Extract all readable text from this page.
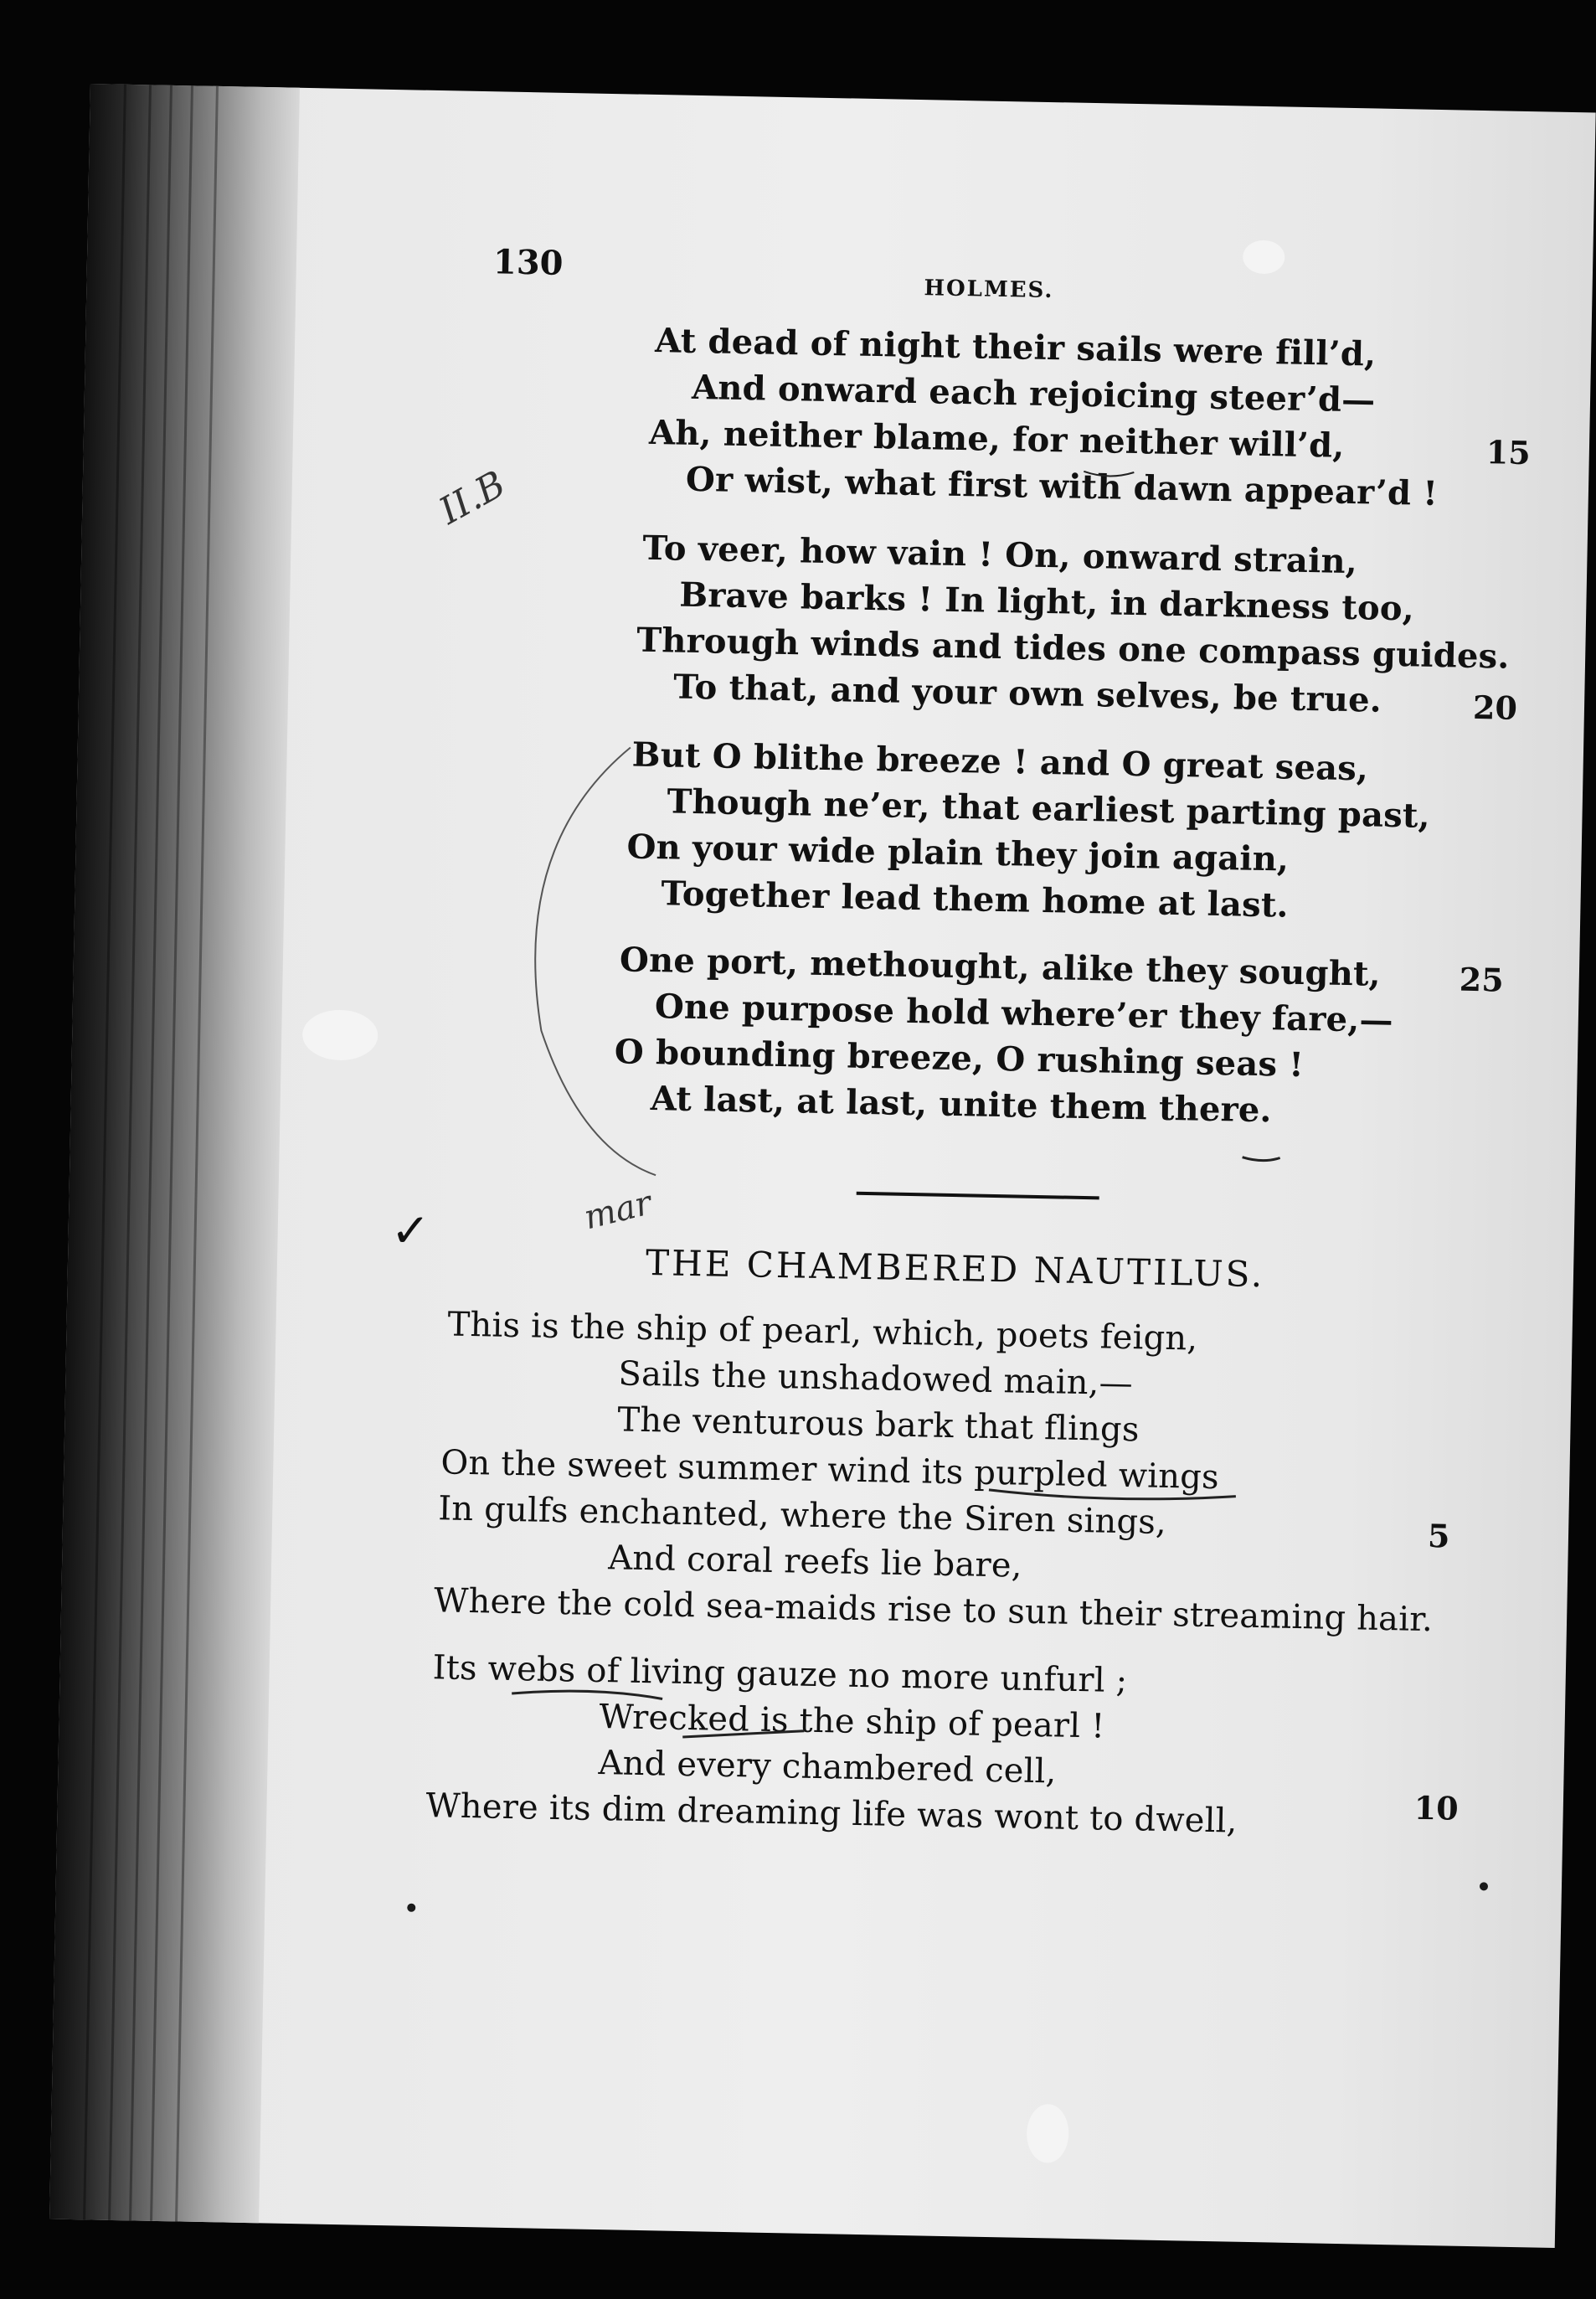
130
HOLMES.
At dead of night their sails were fill’d,
And onward each rejoicing steer’d—
Ah, neither blame, for neither will’d,
Or wist, what first with dawn appear’d !
15
To veer, how vain ! On, onward strain,
Brave barks ! In light, in darkness too,
Through winds and tides one compass guides.
To that, and your own selves, be true.	20
But O blithe breeze ! and O great seas,
Though ne’er, that earliest parting past,
On your wide plain they join again,
Together lead them home at last.
One port, methought, alike they sought,
One purpose hold where’er they fare,—
O bounding breeze, O rushing seas !
At last, at last, unite them there.
25
THE CHAMBERED NAUTILUS.
This is the ship of pearl, which, poets feign,
Sails the unshadowed main,—
The venturous bark that flings
On the sweet summer wind its purpled wings
In gulfs enchanted, where the Siren sings,
And coral reefs lie bare,
Where the cold sea-maids rise to sun their streaming hair.
5
Its webs of living gauze no more unfurl ;
Wrecked is the ship of pearl !
And every chambered cell,
Where its dim dreaming life was wont to dwell,	10
II.B
mar
✓
